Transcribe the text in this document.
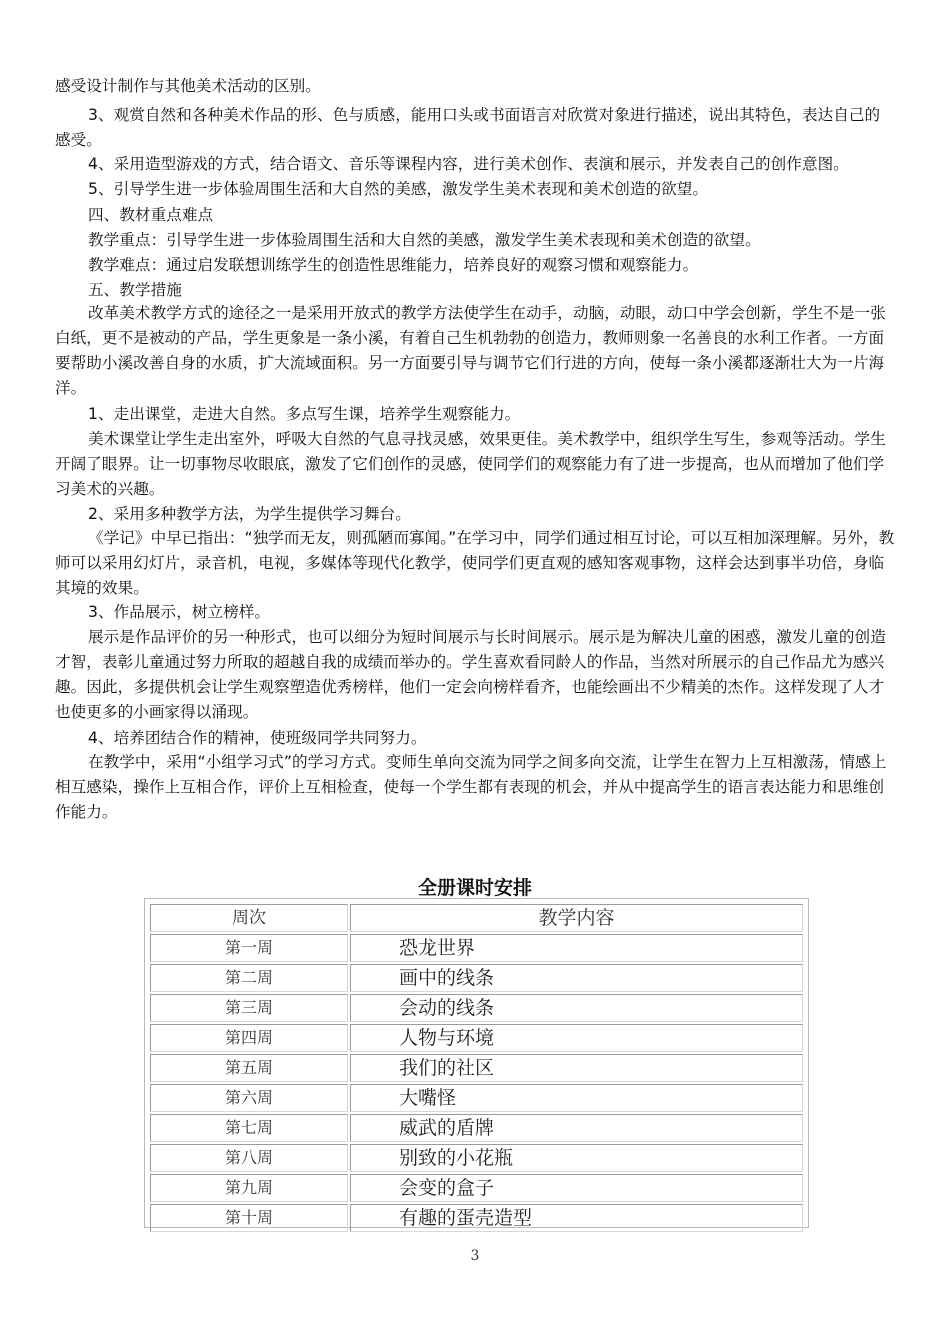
感受设计制作与其他美术活动的区别。

3、观赏自然和各种美术作品的形、色与质感，能用口头或书面语言对欣赏对象进行描述，说出其特色，表达自己的感受。

4、采用造型游戏的方式，结合语文、音乐等课程内容，进行美术创作、表演和展示，并发表自己的创作意图。

5、引导学生进一步体验周围生活和大自然的美感，激发学生美术表现和美术创造的欲望。

四、教材重点难点

教学重点：引导学生进一步体验周围生活和大自然的美感，激发学生美术表现和美术创造的欲望。

教学难点：通过启发联想训练学生的创造性思维能力，培养良好的观察习惯和观察能力。

五、教学措施

改革美术教学方式的途径之一是采用开放式的教学方法使学生在动手，动脑，动眼，动口中学会创新，学生不是一张白纸，更不是被动的产品，学生更象是一条小溪，有着自己生机勃勃的创造力，教师则象一名善良的水利工作者。一方面要帮助小溪改善自身的水质，扩大流域面积。另一方面要引导与调节它们行进的方向，使每一条小溪都逐渐壮大为一片海洋。

1、走出课堂，走进大自然。多点写生课，培养学生观察能力。

美术课堂让学生走出室外，呼吸大自然的气息寻找灵感，效果更佳。美术教学中，组织学生写生，参观等活动。学生开阔了眼界。让一切事物尽收眼底，激发了它们创作的灵感，使同学们的观察能力有了进一步提高，也从而增加了他们学习美术的兴趣。

2、采用多种教学方法，为学生提供学习舞台。

《学记》中早已指出：“独学而无友，则孤陋而寡闻。”在学习中，同学们通过相互讨论，可以互相加深理解。另外，教师可以采用幻灯片，录音机，电视，多媒体等现代化教学，使同学们更直观的感知客观事物，这样会达到事半功倍，身临其境的效果。

3、作品展示，树立榜样。

展示是作品评价的另一种形式，也可以细分为短时间展示与长时间展示。展示是为解决儿童的困惑，激发儿童的创造才智，表彰儿童通过努力所取的超越自我的成绩而举办的。学生喜欢看同龄人的作品，当然对所展示的自己作品尤为感兴趣。因此，多提供机会让学生观察塑造优秀榜样，他们一定会向榜样看齐，也能绘画出不少精美的杰作。这样发现了人才也使更多的小画家得以涌现。

4、培养团结合作的精神，使班级同学共同努力。

在教学中，采用“小组学习式”的学习方式。变师生单向交流为同学之间多向交流，让学生在智力上互相激荡，情感上相互感染，操作上互相合作，评价上互相检查，使每一个学生都有表现的机会，并从中提高学生的语言表达能力和思维创作能力。

全册课时安排
周次	教学内容
第一周	恐龙世界
第二周	画中的线条
第三周	会动的线条
第四周	人物与环境
第五周	我们的社区
第六周	大嘴怪
第七周	威武的盾牌
第八周	别致的小花瓶
第九周	会变的盒子
第十周	有趣的蛋壳造型
3
